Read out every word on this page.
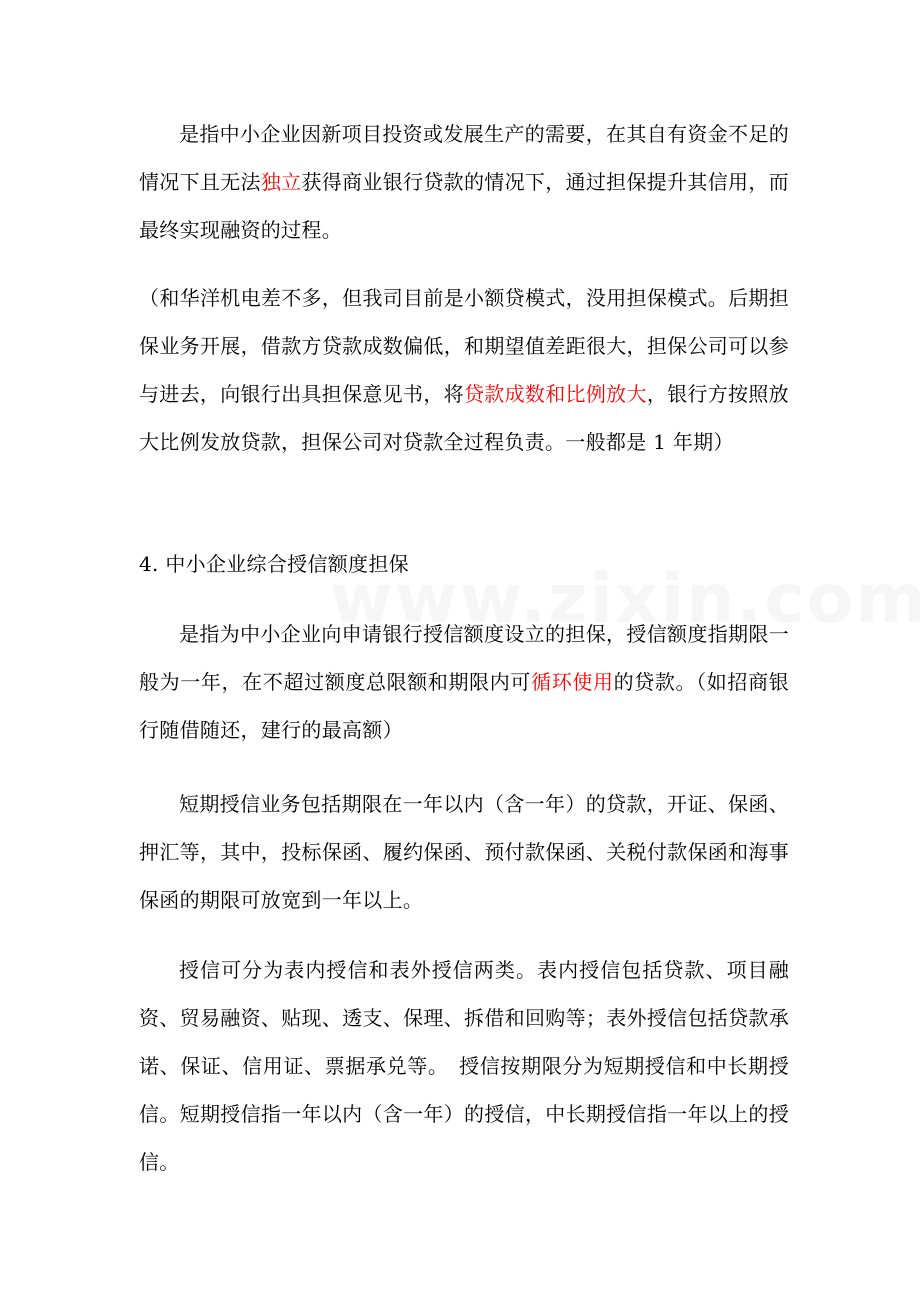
是指中小企业因新项目投资或发展生产的需要，在其自有资金不足的情况下且无法独立获得商业银行贷款的情况下，通过担保提升其信用，而最终实现融资的过程。

（和华洋机电差不多，但我司目前是小额贷模式，没用担保模式。后期担保业务开展，借款方贷款成数偏低，和期望值差距很大，担保公司可以参与进去，向银行出具担保意见书，将贷款成数和比例放大，银行方按照放大比例发放贷款，担保公司对贷款全过程负责。一般都是 1 年期）

4. 中小企业综合授信额度担保

是指为中小企业向申请银行授信额度设立的担保，授信额度指期限一般为一年，在不超过额度总限额和期限内可循环使用的贷款。（如招商银行随借随还，建行的最高额）

短期授信业务包括期限在一年以内（含一年）的贷款，开证、保函、押汇等，其中，投标保函、履约保函、预付款保函、关税付款保函和海事保函的期限可放宽到一年以上。

授信可分为表内授信和表外授信两类。表内授信包括贷款、项目融资、贸易融资、贴现、透支、保理、拆借和回购等；表外授信包括贷款承诺、保证、信用证、票据承兑等。　授信按期限分为短期授信和中长期授信。短期授信指一年以内（含一年）的授信，中长期授信指一年以上的授信。
